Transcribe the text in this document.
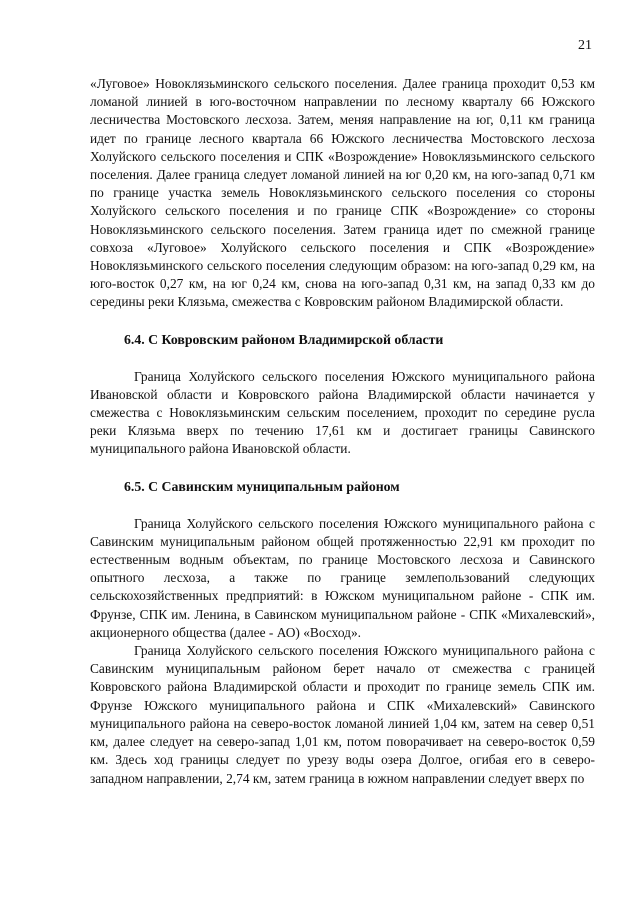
21

«Луговое» Новоклязьминского сельского поселения. Далее граница проходит 0,53 км ломаной линией в юго-восточном направлении по лесному кварталу 66 Южского лесничества Мостовского лесхоза. Затем, меняя направление на юг, 0,11 км граница идет по границе лесного квартала 66 Южского лесничества Мостовского лесхоза Холуйского сельского поселения и СПК «Возрождение» Новоклязьминского сельского поселения. Далее граница следует ломаной линией на юг 0,20 км, на юго-запад 0,71 км по границе участка земель Новоклязьминского сельского поселения со стороны Холуйского сельского поселения и по границе СПК «Возрождение» со стороны Новоклязьминского сельского поселения. Затем граница идет по смежной границе совхоза «Луговое» Холуйского сельского поселения и СПК «Возрождение» Новоклязьминского сельского поселения следующим образом: на юго-запад 0,29 км, на юго-восток 0,27 км, на юг 0,24 км, снова на юго-запад 0,31 км, на запад 0,33 км до середины реки Клязьма, смежества с Ковровским районом Владимирской области.

6.4. С Ковровским районом Владимирской области

Граница Холуйского сельского поселения Южского муниципального района Ивановской области и Ковровского района Владимирской области начинается у смежества с Новоклязьминским сельским поселением, проходит по середине русла реки Клязьма вверх по течению 17,61 км и достигает границы Савинского муниципального района Ивановской области.

6.5. С Савинским муниципальным районом

Граница Холуйского сельского поселения Южского муниципального района с Савинским муниципальным районом общей протяженностью 22,91 км проходит по естественным водным объектам, по границе Мостовского лесхоза и Савинского опытного лесхоза, а также по границе землепользований следующих сельскохозяйственных предприятий: в Южском муниципальном районе - СПК им. Фрунзе, СПК им. Ленина, в Савинском муниципальном районе - СПК «Михалевский», акционерного общества (далее - АО) «Восход».

Граница Холуйского сельского поселения Южского муниципального района с Савинским муниципальным районом берет начало от смежества с границей Ковровского района Владимирской области и проходит по границе земель СПК им. Фрунзе Южского муниципального района и СПК «Михалевский» Савинского муниципального района на северо-восток ломаной линией 1,04 км, затем на север 0,51 км, далее следует на северо-запад 1,01 км, потом поворачивает на северо-восток 0,59 км. Здесь ход границы следует по урезу воды озера Долгое, огибая его в северо-западном направлении, 2,74 км, затем граница в южном направлении следует вверх по
